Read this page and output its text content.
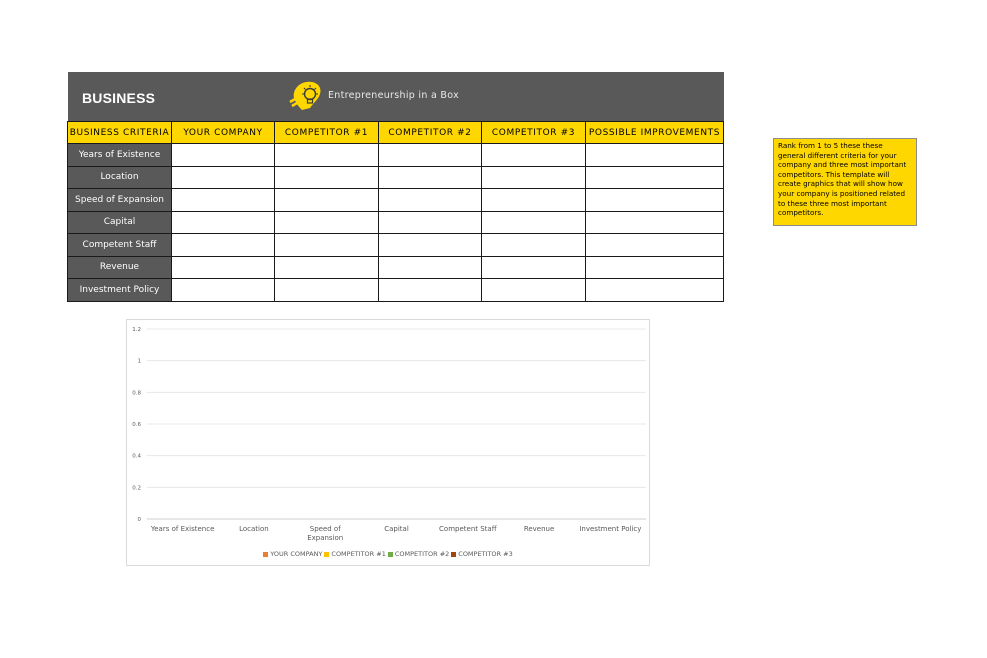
BUSINESS	Entrepreneurship in a Box
BUSINESS CRITERIA	YOUR COMPANY	COMPETITOR #1	COMPETITOR #2	COMPETITOR #3	POSSIBLE IMPROVEMENTS
Years of Existence					
Location					
Speed of Expansion					
Capital					
Competent Staff					
Revenue					
Investment Policy					
Rank from 1 to 5 these these general different criteria for your company and three most important competitors. This template will create graphics that will show how your company is positioned related to these three most important competitors.
0
0.2
0.4
0.6
0.8
1
1.2
Years of Existence	Location	Speed of Expansion
Capital	Competent Staff	Revenue	Investment Policy
YOUR COMPANY COMPETITOR #1 COMPETITOR #2 COMPETITOR #3
